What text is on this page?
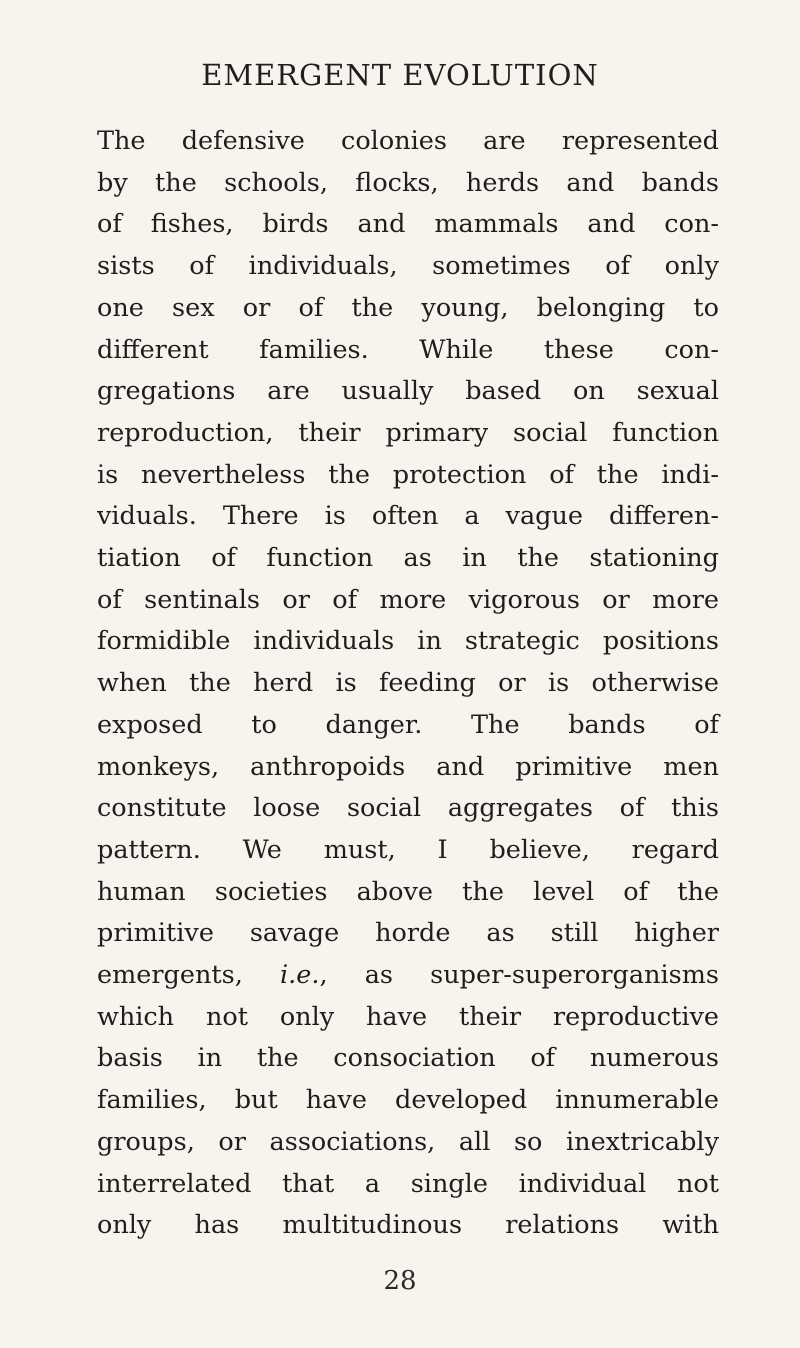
EMERGENT EVOLUTION
The defensive colonies are represented
by the schools, flocks, herds and bands
of fishes, birds and mammals and con-
sists of individuals, sometimes of only
one sex or of the young, belonging to
different families. While these con-
gregations are usually based on sexual
reproduction, their primary social function
is nevertheless the protection of the indi-
viduals. There is often a vague differen-
tiation of function as in the stationing
of sentinals or of more vigorous or more
formidible individuals in strategic positions
when the herd is feeding or is otherwise
exposed to danger. The bands of
monkeys, anthropoids and primitive men
constitute loose social aggregates of this
pattern. We must, I believe, regard
human societies above the level of the
primitive savage horde as still higher
emergents, i.e., as super-superorganisms
which not only have their reproductive
basis in the consociation of numerous
families, but have developed innumerable
groups, or associations, all so inextricably
interrelated that a single individual not
only has multitudinous relations with
28
